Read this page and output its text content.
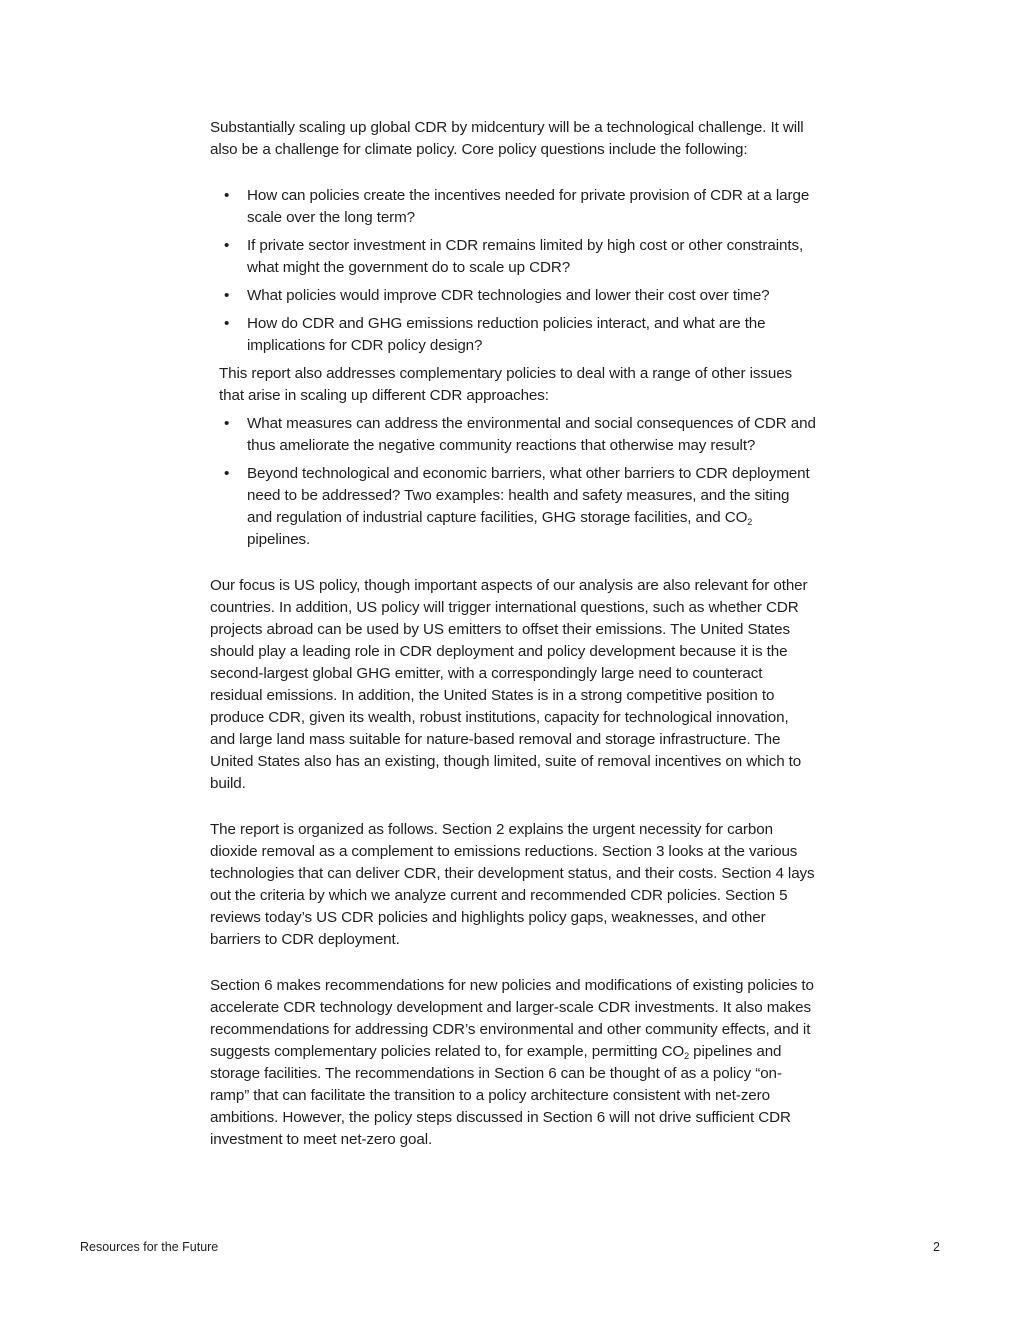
Substantially scaling up global CDR by midcentury will be a technological challenge. It will also be a challenge for climate policy. Core policy questions include the following:

• How can policies create the incentives needed for private provision of CDR at a large scale over the long term?
• If private sector investment in CDR remains limited by high cost or other constraints, what might the government do to scale up CDR?
• What policies would improve CDR technologies and lower their cost over time?
• How do CDR and GHG emissions reduction policies interact, and what are the implications for CDR policy design?

This report also addresses complementary policies to deal with a range of other issues that arise in scaling up different CDR approaches:

• What measures can address the environmental and social consequences of CDR and thus ameliorate the negative community reactions that otherwise may result?
• Beyond technological and economic barriers, what other barriers to CDR deployment need to be addressed? Two examples: health and safety measures, and the siting and regulation of industrial capture facilities, GHG storage facilities, and $CO_2$ pipelines.

Our focus is US policy, though important aspects of our analysis are also relevant for other countries. In addition, US policy will trigger international questions, such as whether CDR projects abroad can be used by US emitters to offset their emissions. The United States should play a leading role in CDR deployment and policy development because it is the second-largest global GHG emitter, with a correspondingly large need to counteract residual emissions. In addition, the United States is in a strong competitive position to produce CDR, given its wealth, robust institutions, capacity for technological innovation, and large land mass suitable for nature-based removal and storage infrastructure. The United States also has an existing, though limited, suite of removal incentives on which to build.

The report is organized as follows. Section 2 explains the urgent necessity for carbon dioxide removal as a complement to emissions reductions. Section 3 looks at the various technologies that can deliver CDR, their development status, and their costs. Section 4 lays out the criteria by which we analyze current and recommended CDR policies. Section 5 reviews today’s US CDR policies and highlights policy gaps, weaknesses, and other barriers to CDR deployment.

Section 6 makes recommendations for new policies and modifications of existing policies to accelerate CDR technology development and larger-scale CDR investments. It also makes recommendations for addressing CDR’s environmental and other community effects, and it suggests complementary policies related to, for example, permitting $CO_2$ pipelines and storage facilities. The recommendations in Section 6 can be thought of as a policy “on-ramp” that can facilitate the transition to a policy architecture consistent with net-zero ambitions. However, the policy steps discussed in Section 6 will not drive sufficient CDR investment to meet net-zero goal.

Resources for the Future	2
